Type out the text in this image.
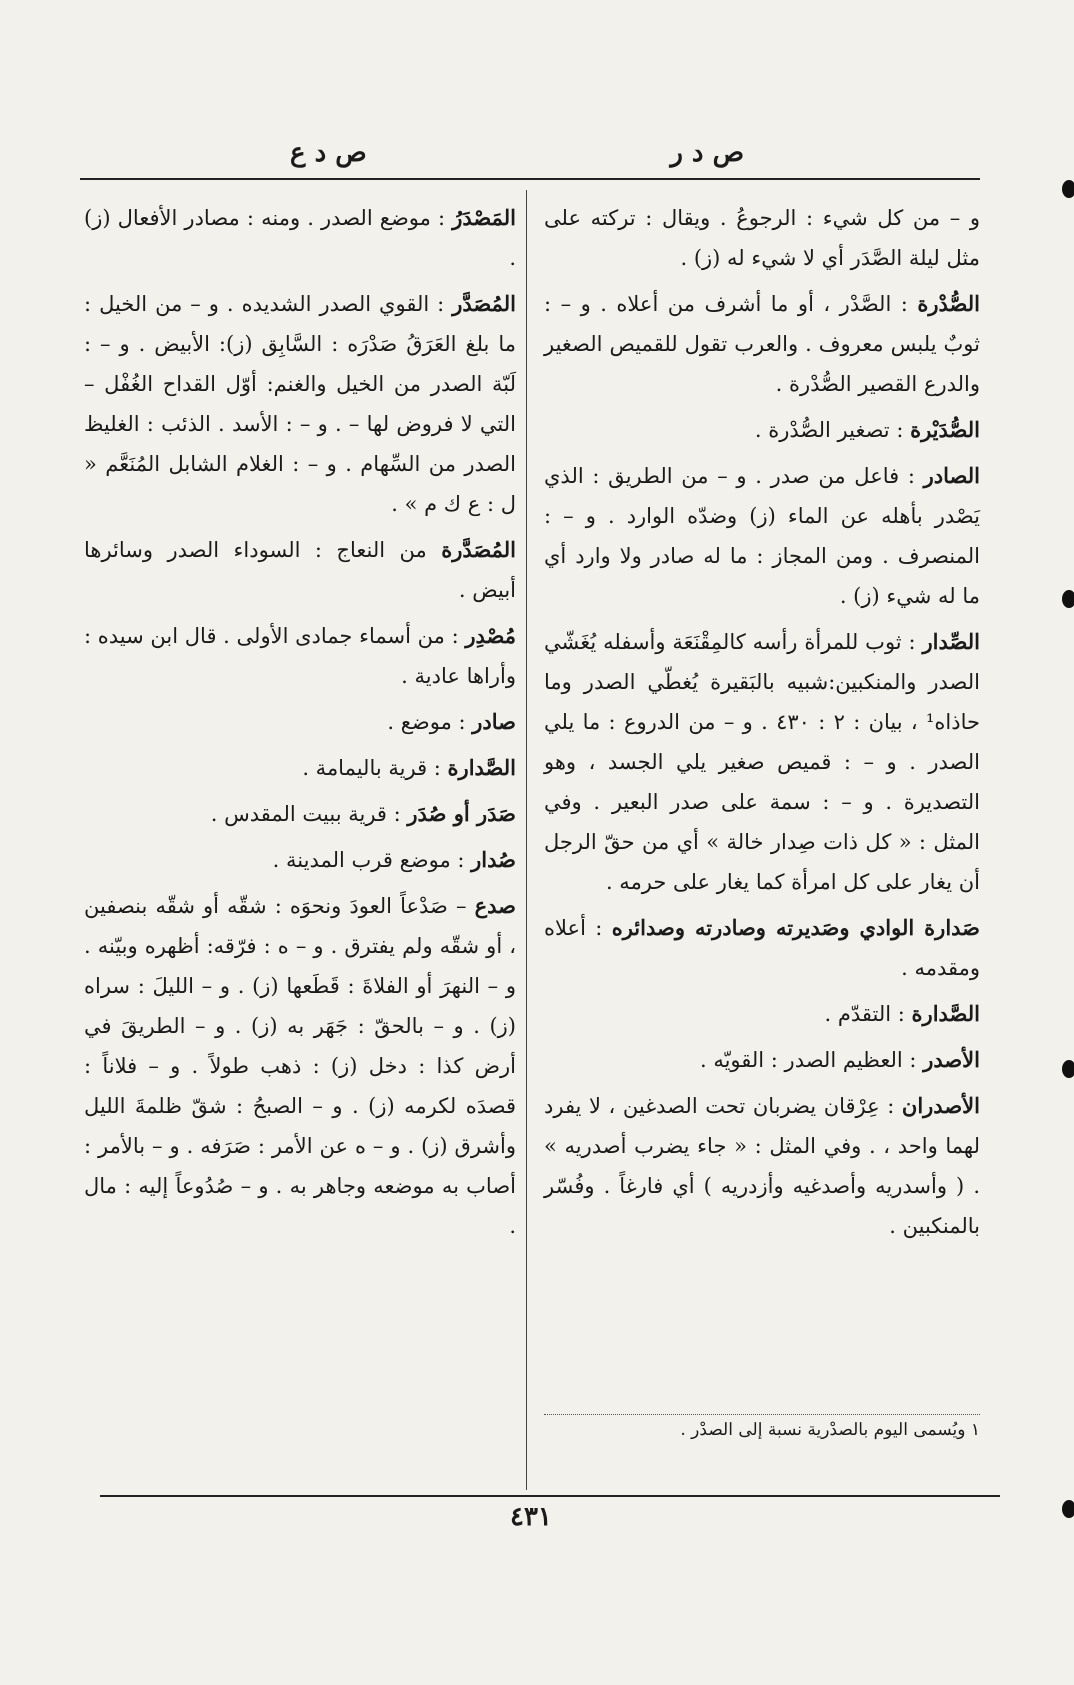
ص د ر
ص د ع

و – من كل شيء : الرجوعُ . ويقال : تركته على مثل ليلة الصَّدَر أي لا شيء له (ز) .

الصُّدْرة : الصَّدْر ، أو ما أشرف من أعلاه . و – : ثوبٌ يلبس معروف . والعرب تقول للقميص الصغير والدرع القصير الصُّدْرة .

الصُّدَيْرة : تصغير الصُّدْرة .

الصادر : فاعل من صدر . و – من الطريق : الذي يَصْدر بأهله عن الماء (ز) وضدّه الوارد . و – : المنصرف . ومن المجاز : ما له صادر ولا وارد أي ما له شيء (ز) .

الصِّدار : ثوب للمرأة رأسه كالمِقْنَعَة وأسفله يُغَشّي الصدر والمنكبين:شبيه بالبَقيرة يُغطّي الصدر وما حاذاه¹ ، بيان : ٢ : ٤٣٠ . و – من الدروع : ما يلي الصدر . و – : قميص صغير يلي الجسد ، وهو التصديرة . و – : سمة على صدر البعير . وفي المثل : « كل ذات صِدار خالة » أي من حقّ الرجل أن يغار على كل امرأة كما يغار على حرمه .

صَدارة الوادي وصَديرته وصادرته وصدائره : أعلاه ومقدمه .

الصَّدارة : التقدّم .

الأصدر : العظيم الصدر : القويّه .

الأصدران : عِرْقان يضربان تحت الصدغين ، لا يفرد لهما واحد ، . وفي المثل : « جاء يضرب أصدريه » . ( وأسدريه وأصدغيه وأزدريه ) أي فارغاً . وفُسّر بالمنكبين .

المَصْدَرُ : موضع الصدر . ومنه : مصادر الأفعال (ز) .

المُصَدَّر : القوي الصدر الشديده . و – من الخيل : ما بلغ العَرَقُ صَدْرَه : السَّابِق (ز): الأبيض . و – : لَبّة الصدر من الخيل والغنم: أوّل القداح الغُفْل – التي لا فروض لها – . و – : الأسد . الذئب : الغليظ الصدر من السِّهام . و – : الغلام الشابل المُنَعَّم « ل : ع ك م » .

المُصَدَّرة من النعاج : السوداء الصدر وسائرها أبيض .

مُصْدِر : من أسماء جمادى الأولى . قال ابن سيده : وأراها عادية .

صادر : موضع .

الصَّدارة : قرية باليمامة .

صَدَر أو صُدَر : قرية ببيت المقدس .

صُدار : موضع قرب المدينة .

صدع – صَدْعاً العودَ ونحوَه : شقّه أو شقّه بنصفين ، أو شقّه ولم يفترق . و – ه : فرّقه: أظهره وبيّنه . و – النهرَ أو الفلاةَ : قَطَعها (ز) . و – الليلَ : سراه (ز) . و – بالحقّ : جَهَر به (ز) . و – الطريقَ في أرض كذا : دخل (ز) : ذهب طولاً . و – فلاناً : قصدَه لكرمه (ز) . و – الصبحُ : شقّ ظلمةَ الليل وأشرق (ز) . و – ه عن الأمر : صَرَفه . و – بالأمر : أصاب به موضعه وجاهر به . و – صُدُوعاً إليه : مال .

١ ويُسمى اليوم بالصدْرية نسبة إلى الصدْر .
٤٣١
